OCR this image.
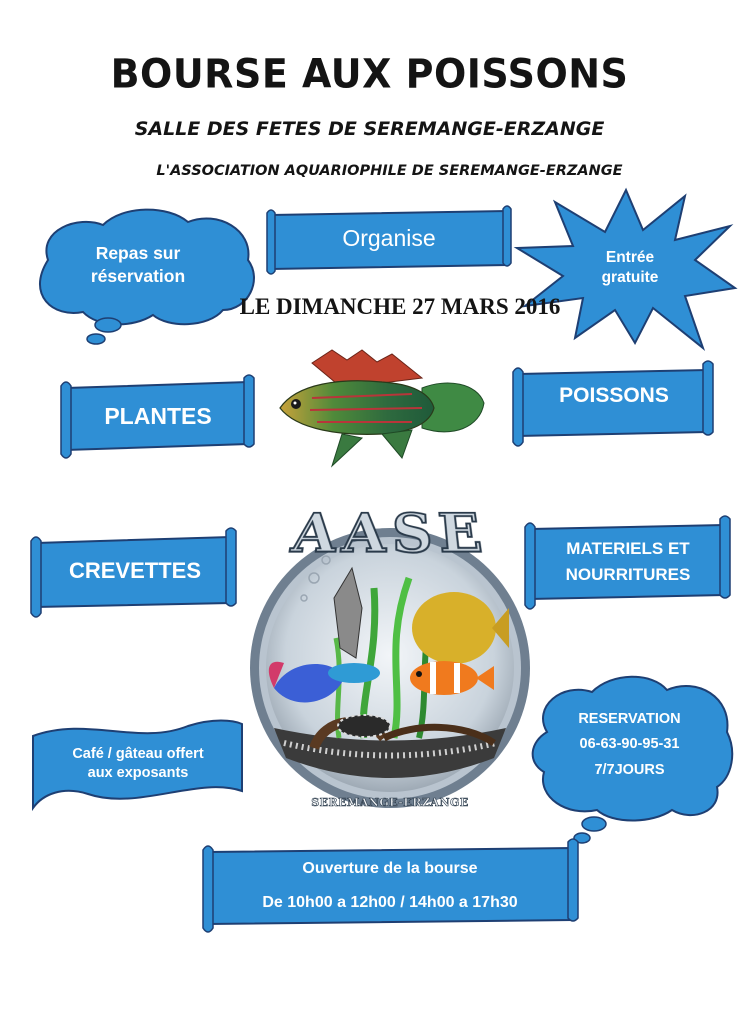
BOURSE AUX POISSONS
SALLE DES FETES DE SEREMANGE-ERZANGE
L'ASSOCIATION AQUARIOPHILE DE SEREMANGE-ERZANGE
Repas sur
réservation
Organise
Entrée
gratuite
LE DIMANCHE 27 MARS 2016
PLANTES
POISSONS
CREVETTES
AASE
SEREMANGE-ERZANGE
MATERIELS ET
NOURRITURES
Café / gâteau offert
aux exposants
RESERVATION
06-63-90-95-31
7/7JOURS
Ouverture de la bourse
De 10h00 a 12h00 / 14h00 a 17h30
